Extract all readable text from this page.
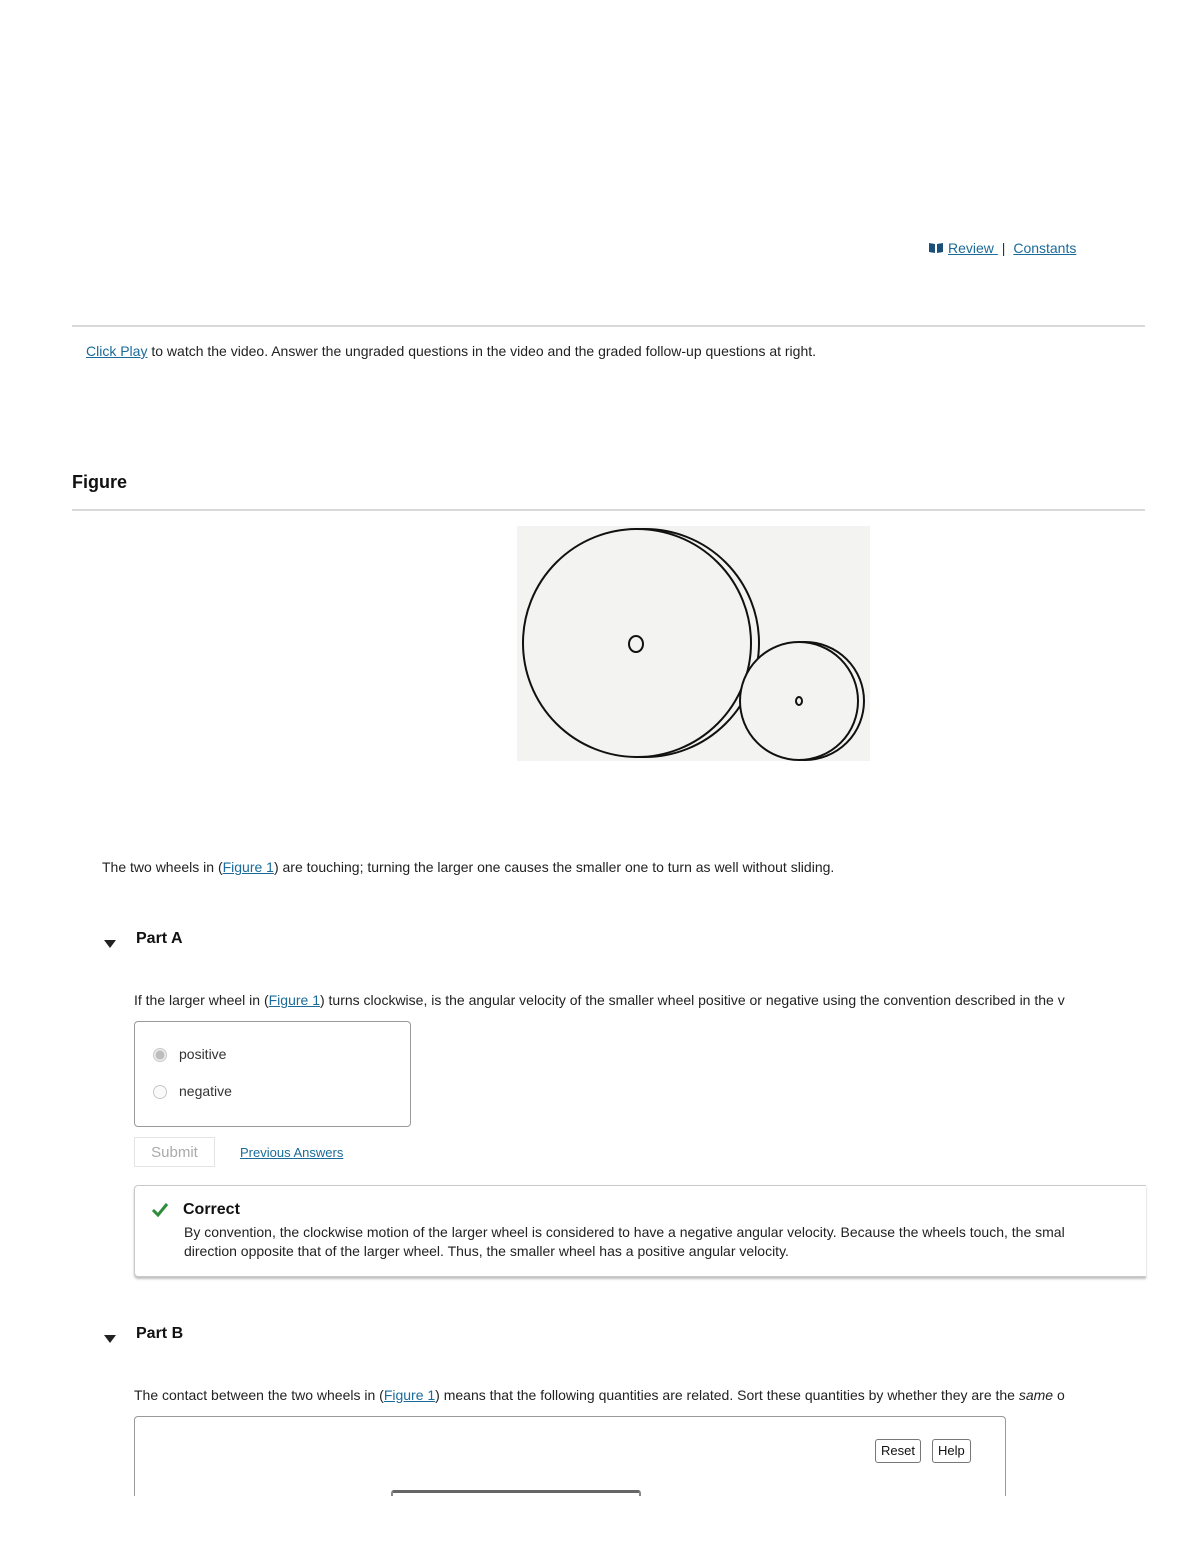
Review | Constants
Click Play to watch the video. Answer the ungraded questions in the video and the graded follow-up questions at right.
Figure
The two wheels in (Figure 1) are touching; turning the larger one causes the smaller one to turn as well without sliding.
Part A
If the larger wheel in (Figure 1) turns clockwise, is the angular velocity of the smaller wheel positive or negative using the convention described in the v
positive
negative
Submit	Previous Answers
Correct
By convention, the clockwise motion of the larger wheel is considered to have a negative angular velocity. Because the wheels touch, the smal
direction opposite that of the larger wheel. Thus, the smaller wheel has a positive angular velocity.
Part B
The contact between the two wheels in (Figure 1) means that the following quantities are related. Sort these quantities by whether they are the same o
Reset	Help
